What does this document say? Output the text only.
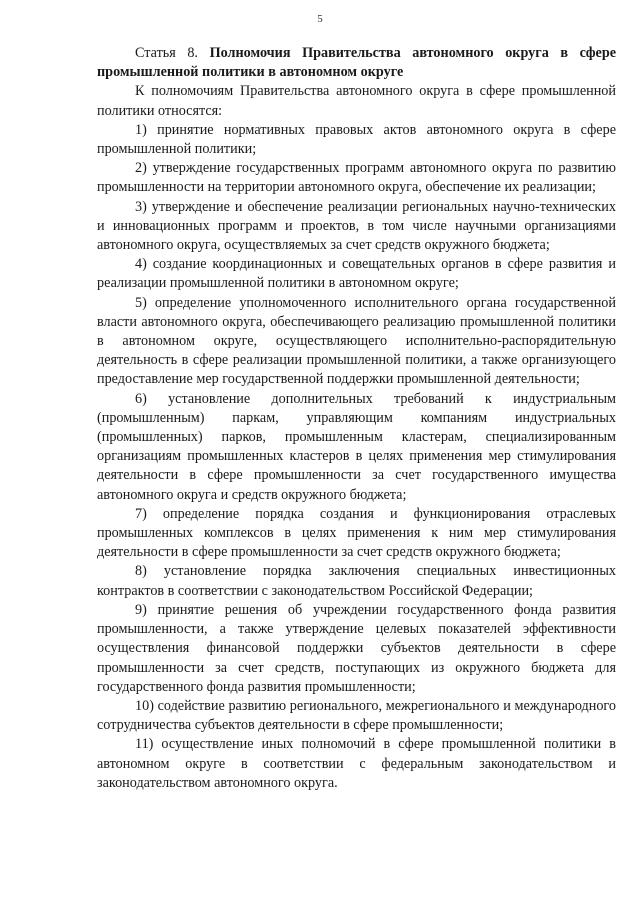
5

Статья 8. Полномочия Правительства автономного округа в сфере промышленной политики в автономном округе

К полномочиям Правительства автономного округа в сфере промышленной политики относятся:

1) принятие нормативных правовых актов автономного округа в сфере промышленной политики;

2) утверждение государственных программ автономного округа по развитию промышленности на территории автономного округа, обеспечение их реализации;

3) утверждение и обеспечение реализации региональных научно-технических и инновационных программ и проектов, в том числе научными организациями автономного округа, осуществляемых за счет средств окружного бюджета;

4) создание координационных и совещательных органов в сфере развития и реализации промышленной политики в автономном округе;

5) определение уполномоченного исполнительного органа государственной власти автономного округа, обеспечивающего реализацию промышленной политики в автономном округе, осуществляющего исполнительно-распорядительную деятельность в сфере реализации промышленной политики, а также организующего предоставление мер государственной поддержки промышленной деятельности;

6) установление дополнительных требований к индустриальным (промышленным) паркам, управляющим компаниям индустриальных (промышленных) парков, промышленным кластерам, специализированным организациям промышленных кластеров в целях применения мер стимулирования деятельности в сфере промышленности за счет государственного имущества автономного округа и средств окружного бюджета;

7) определение порядка создания и функционирования отраслевых промышленных комплексов в целях применения к ним мер стимулирования деятельности в сфере промышленности за счет средств окружного бюджета;

8) установление порядка заключения специальных инвестиционных контрактов в соответствии с законодательством Российской Федерации;

9) принятие решения об учреждении государственного фонда развития промышленности, а также утверждение целевых показателей эффективности осуществления финансовой поддержки субъектов деятельности в сфере промышленности за счет средств, поступающих из окружного бюджета для государственного фонда развития промышленности;

10) содействие развитию регионального, межрегионального и международного сотрудничества субъектов деятельности в сфере промышленности;

11) осуществление иных полномочий в сфере промышленной политики в автономном округе в соответствии с федеральным законодательством и законодательством автономного округа.
